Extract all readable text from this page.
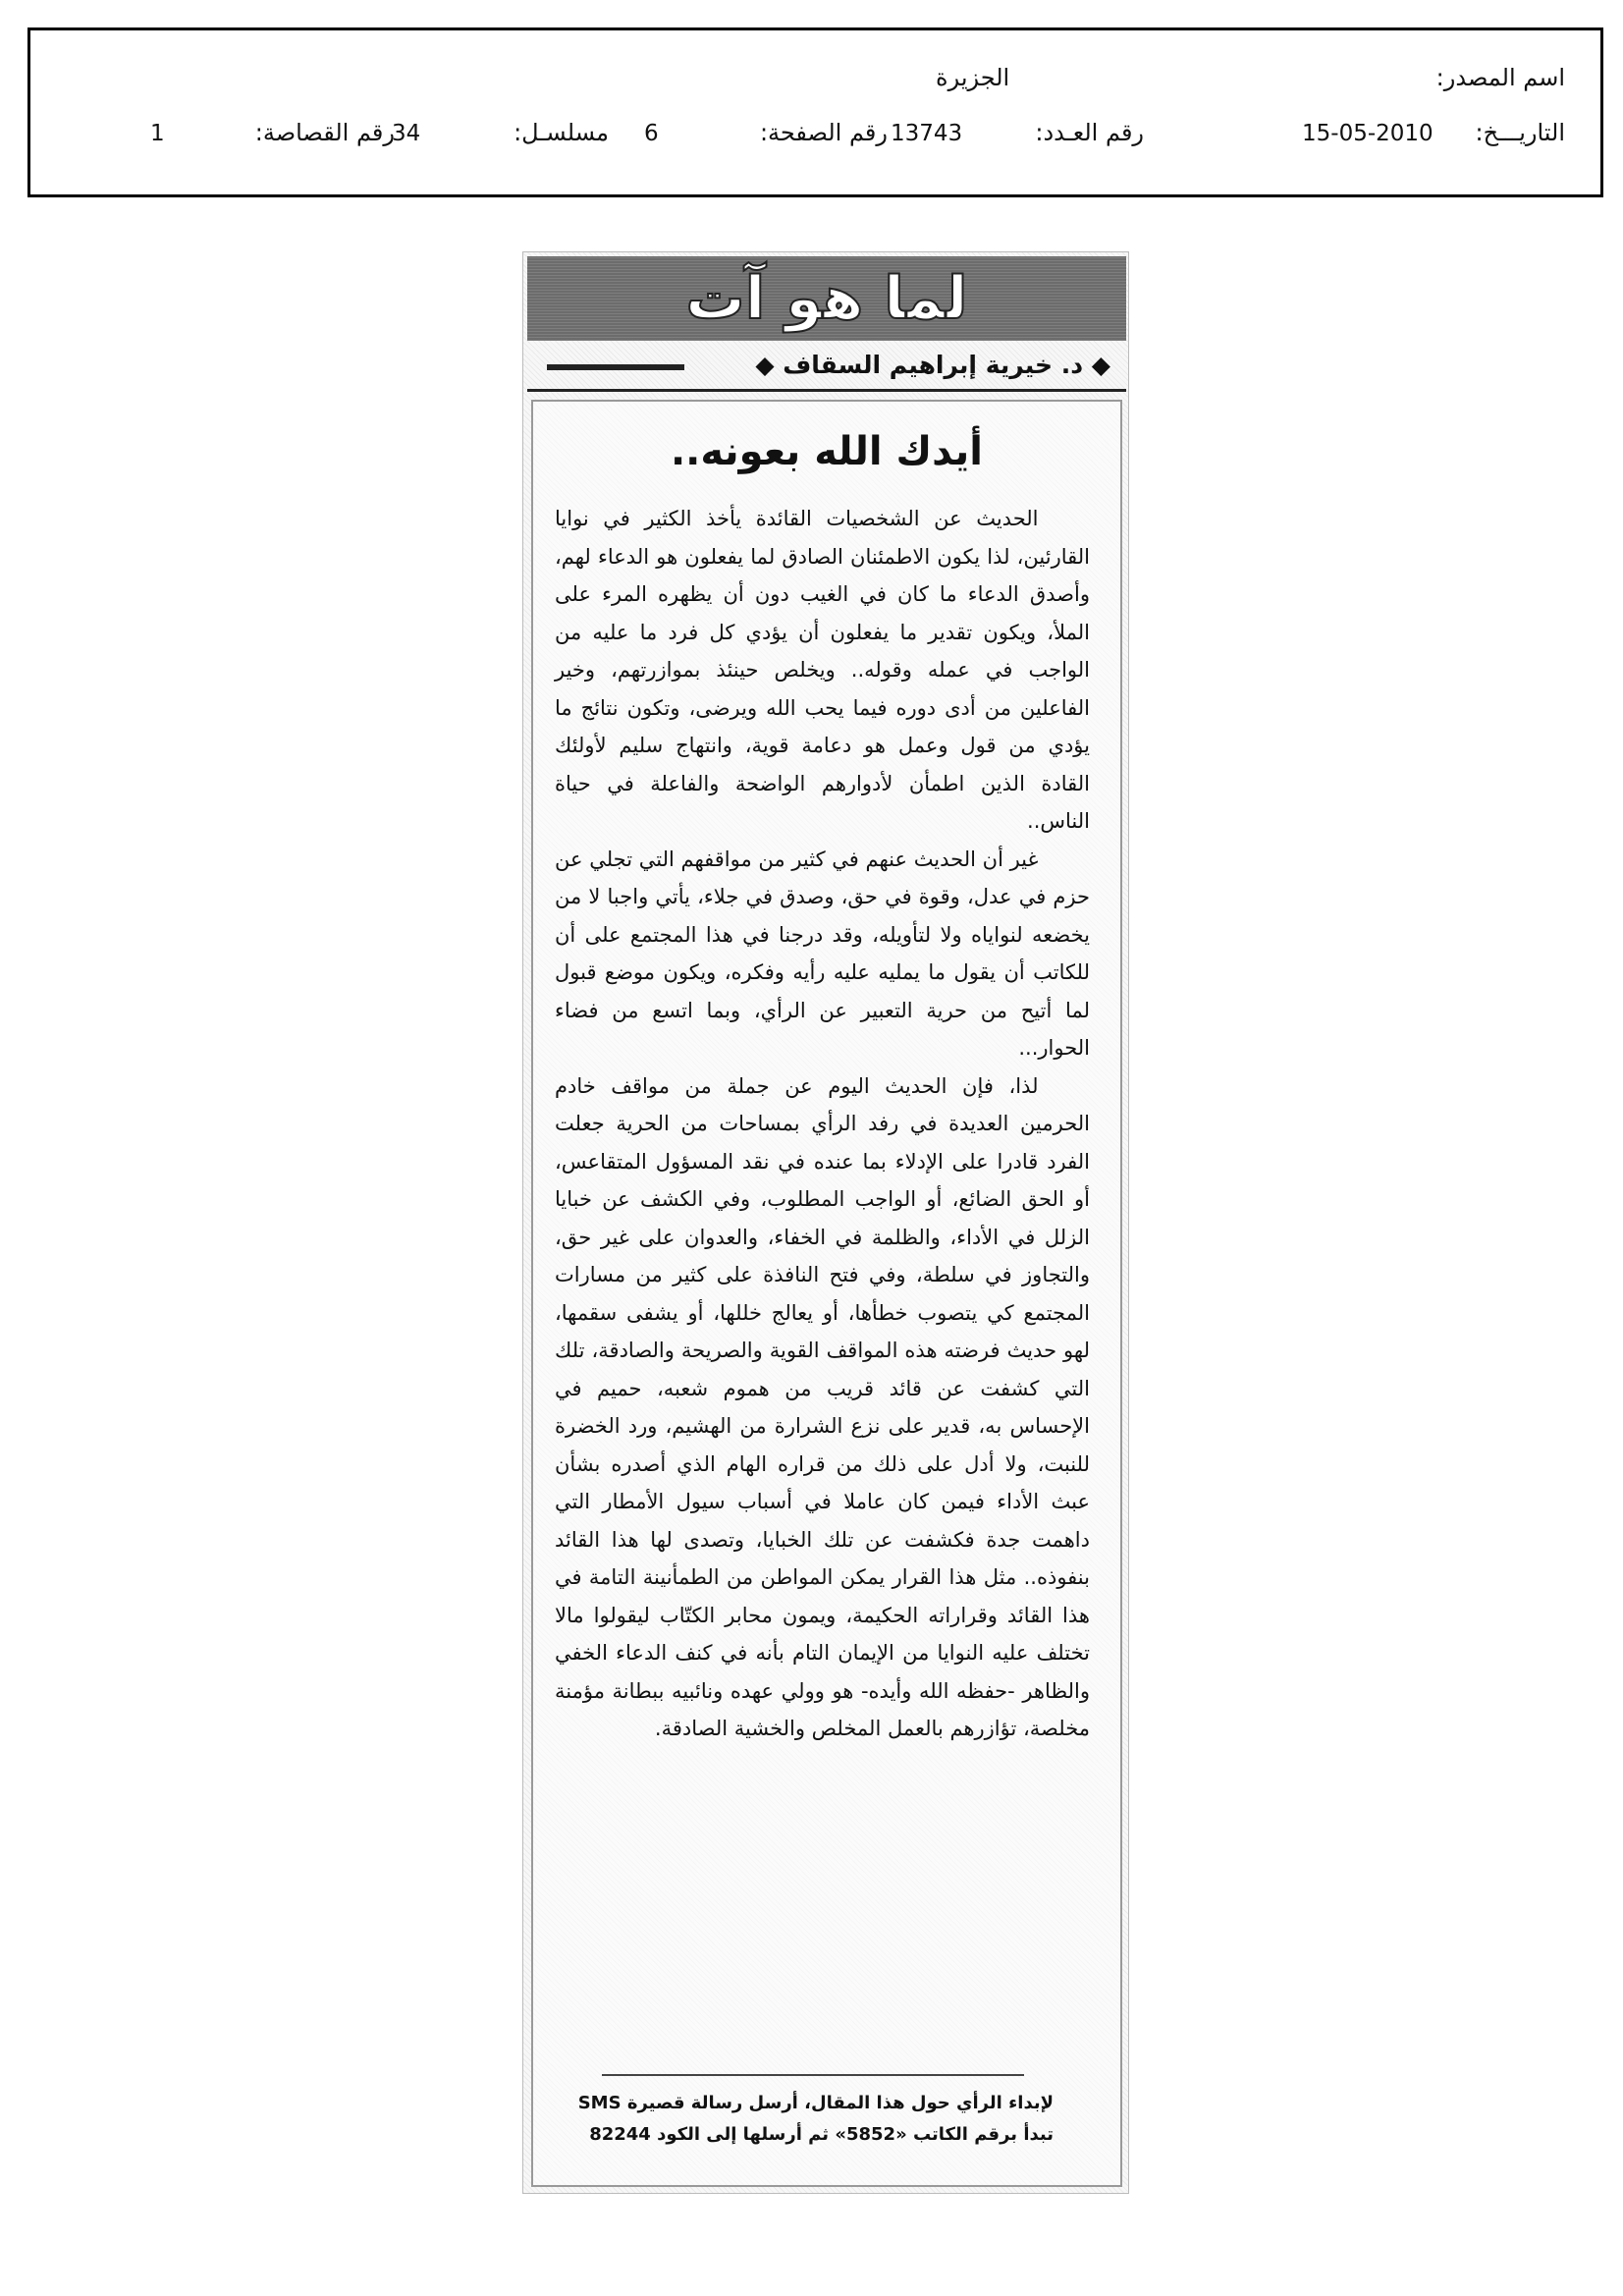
اسم المصدر:
الجزيرة
التاريـــخ:
15-05-2010
رقم العـدد:
13743
رقم الصفحة:
6
مسلسـل:
34
رقم القصاصة:
1
لما هو آت
◆ د. خيرية إبراهيم السقاف ◆
أيدك الله بعونه..

الحديث عن الشخصيات القائدة يأخذ الكثير في نوايا القارئين، لذا يكون الاطمئنان الصادق لما يفعلون هو الدعاء لهم، وأصدق الدعاء ما كان في الغيب دون أن يظهره المرء على الملأ، ويكون تقدير ما يفعلون أن يؤدي كل فرد ما عليه من الواجب في عمله وقوله.. ويخلص حينئذ بموازرتهم، وخير الفاعلين من أدى دوره فيما يحب الله ويرضى، وتكون نتائج ما يؤدي من قول وعمل هو دعامة قوية، وانتهاج سليم لأولئك القادة الذين اطمأن لأدوارهم الواضحة والفاعلة في حياة الناس..

غير أن الحديث عنهم في كثير من مواقفهم التي تجلي عن حزم في عدل، وقوة في حق، وصدق في جلاء، يأتي واجبا لا من يخضعه لنواياه ولا لتأويله، وقد درجنا في هذا المجتمع على أن للكاتب أن يقول ما يمليه عليه رأيه وفكره، ويكون موضع قبول لما أتيح من حرية التعبير عن الرأي، وبما اتسع من فضاء الحوار...

لذا، فإن الحديث اليوم عن جملة من مواقف خادم الحرمين العديدة في رفد الرأي بمساحات من الحرية جعلت الفرد قادرا على الإدلاء بما عنده في نقد المسؤول المتقاعس، أو الحق الضائع، أو الواجب المطلوب، وفي الكشف عن خبايا الزلل في الأداء، والظلمة في الخفاء، والعدوان على غير حق، والتجاوز في سلطة، وفي فتح النافذة على كثير من مسارات المجتمع كي يتصوب خطأها، أو يعالج خللها، أو يشفى سقمها، لهو حديث فرضته هذه المواقف القوية والصريحة والصادقة، تلك التي كشفت عن قائد قريب من هموم شعبه، حميم في الإحساس به، قدير على نزع الشرارة من الهشيم، ورد الخضرة للنبت، ولا أدل على ذلك من قراره الهام الذي أصدره بشأن عبث الأداء فيمن كان عاملا في أسباب سيول الأمطار التي داهمت جدة فكشفت عن تلك الخبايا، وتصدى لها هذا القائد بنفوذه.. مثل هذا القرار يمكن المواطن من الطمأنينة التامة في هذا القائد وقراراته الحكيمة، ويمون محابر الكتّاب ليقولوا مالا تختلف عليه النوايا من الإيمان التام بأنه في كنف الدعاء الخفي والظاهر -حفظه الله وأيده- هو وولي عهده ونائبيه ببطانة مؤمنة مخلصة، تؤازرهم بالعمل المخلص والخشية الصادقة.

لإبداء الرأي حول هذا المقال، أرسل رسالة قصيرة SMS
تبدأ برقم الكاتب «5852» ثم أرسلها إلى الكود 82244
